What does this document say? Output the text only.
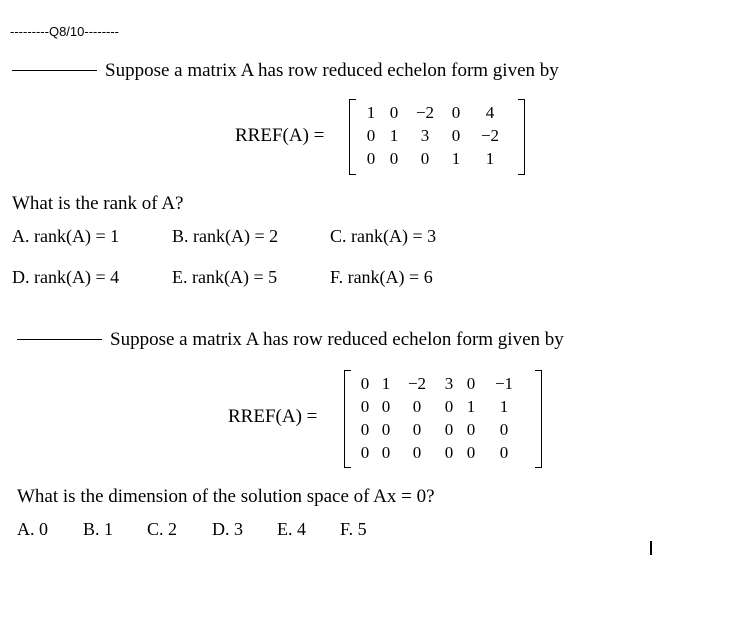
---------Q8/10--------
Suppose a matrix A has row reduced echelon form given by
RREF(A) =
1	0	−2	0	4
0	1	3	0	−2
0	0	0	1	1
What is the rank of A?
A. rank(A) = 1	B. rank(A) = 2	C. rank(A) = 3
D. rank(A) = 4	E. rank(A) = 5	F. rank(A) = 6
Suppose a matrix A has row reduced echelon form given by
RREF(A) =
0	1	−2	3	0	−1
0	0	0	0	1	1
0	0	0	0	0	0
0	0	0	0	0	0
What is the dimension of the solution space of Ax = 0?
A. 0 B. 1 C. 2 D. 3 E. 4 F. 5
